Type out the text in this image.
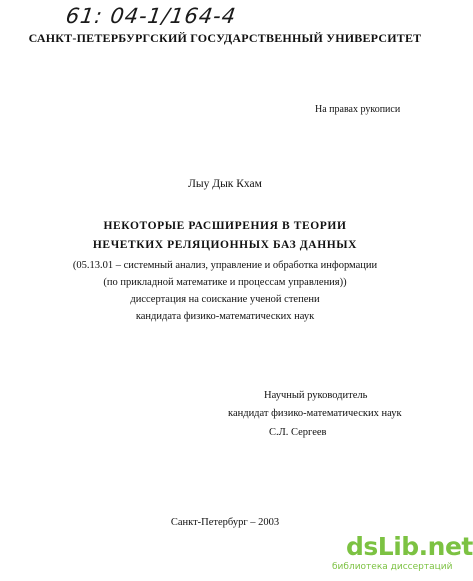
61: 04-1/164-4
САНКТ-ПЕТЕРБУРГСКИЙ ГОСУДАРСТВЕННЫЙ УНИВЕРСИТЕТ
На правах рукописи
Лыу Дык Кхам
НЕКОТОРЫЕ РАСШИРЕНИЯ В ТЕОРИИ
НЕЧЕТКИХ РЕЛЯЦИОННЫХ БАЗ ДАННЫХ
(05.13.01 – системный анализ, управление и обработка информации
(по прикладной математике и процессам управления))
диссертация на соискание ученой степени
кандидата физико-математических наук
Научный руководитель
кандидат физико-математических наук
С.Л. Сергеев
Санкт-Петербург – 2003
dsLib.net
библиотека диссертаций
